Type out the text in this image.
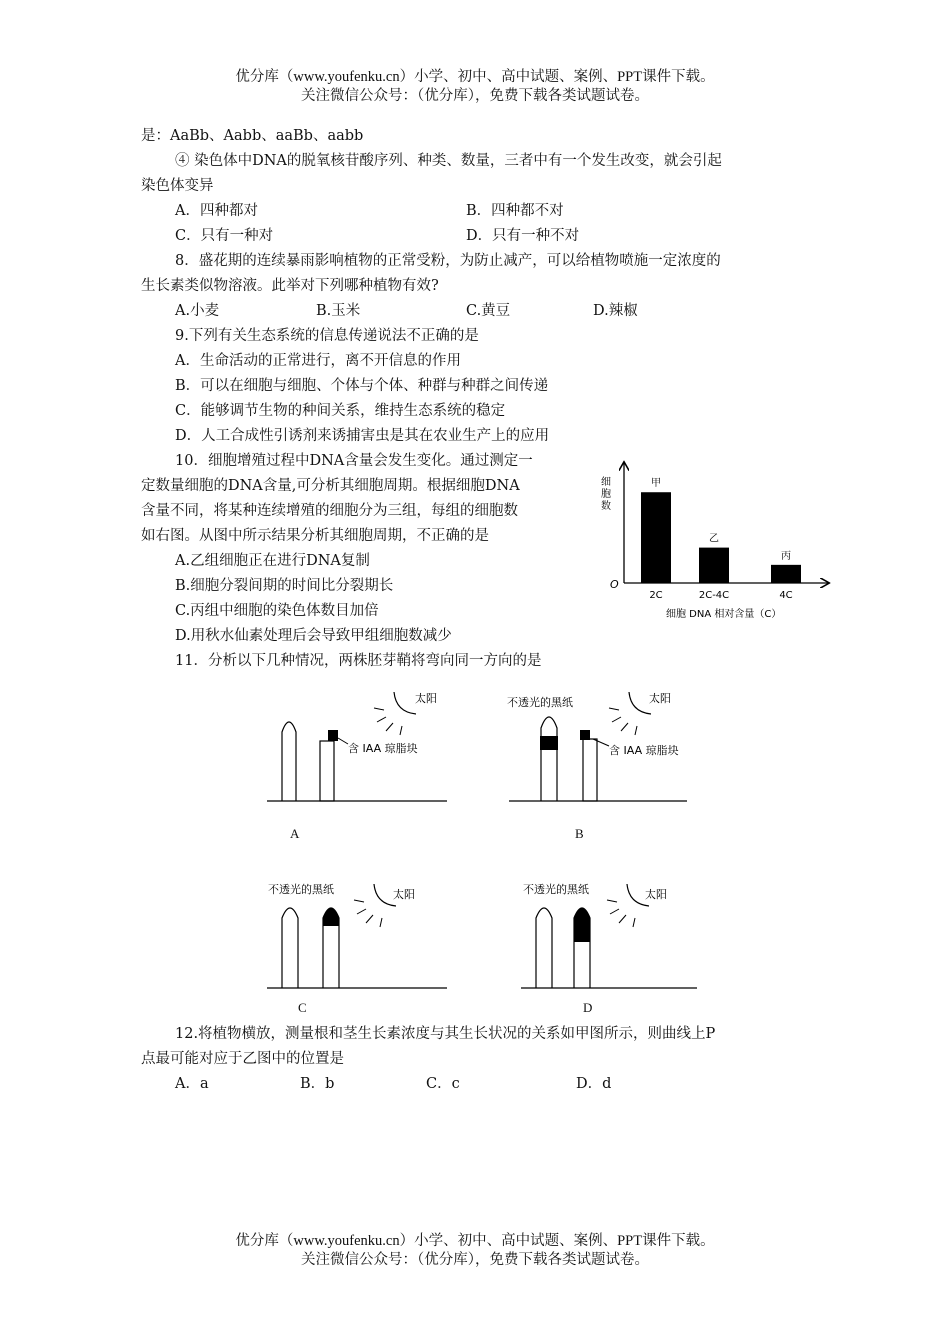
优分库（www.youfenku.cn）小学、初中、高中试题、案例、PPT课件下载。
关注微信公众号：（优分库），免费下载各类试题试卷。
是：AaBb、Aabb、aaBb、aabb
④ 染色体中DNA的脱氧核苷酸序列、种类、数量，三者中有一个发生改变，就会引起
染色体变异
A．四种都对	B．四种都不对
C．只有一种对	D．只有一种不对
8．盛花期的连续暴雨影响植物的正常受粉，为防止减产，可以给植物喷施一定浓度的
生长素类似物溶液。此举对下列哪种植物有效?
A.小麦	B.玉米	C.黄豆	D.辣椒
9.下列有关生态系统的信息传递说法不正确的是
A．生命活动的正常进行，离不开信息的作用
B．可以在细胞与细胞、个体与个体、种群与种群之间传递
C．能够调节生物的种间关系，维持生态系统的稳定
D．人工合成性引诱剂来诱捕害虫是其在农业生产上的应用
10．细胞增殖过程中DNA含量会发生变化。通过测定一
定数量细胞的DNA含量,可分析其细胞周期。根据细胞DNA
含量不同，将某种连续增殖的细胞分为三组，每组的细胞数
如右图。从图中所示结果分析其细胞周期，不正确的是
A.乙组细胞正在进行DNA复制
B.细胞分裂间期的时间比分裂期长
C.丙组中细胞的染色体数目加倍
D.用秋水仙素处理后会导致甲组细胞数减少
O
细
胞
数
甲
2C
乙
2C-4C
丙
4C
细胞 DNA 相对含量（C）
11．分析以下几种情况，两株胚芽鞘将弯向同一方向的是
含 IAA 琼脂块
太阳
A
不透光的黑纸
含 IAA 琼脂块
太阳
B
不透光的黑纸	太阳
C
不透光的黑纸	太阳
D
12.将植物横放，测量根和茎生长素浓度与其生长状况的关系如甲图所示，则曲线上P
点最可能对应于乙图中的位置是
A．a	B．b	C．c	D．d
优分库（www.youfenku.cn）小学、初中、高中试题、案例、PPT课件下载。
关注微信公众号：（优分库），免费下载各类试题试卷。
